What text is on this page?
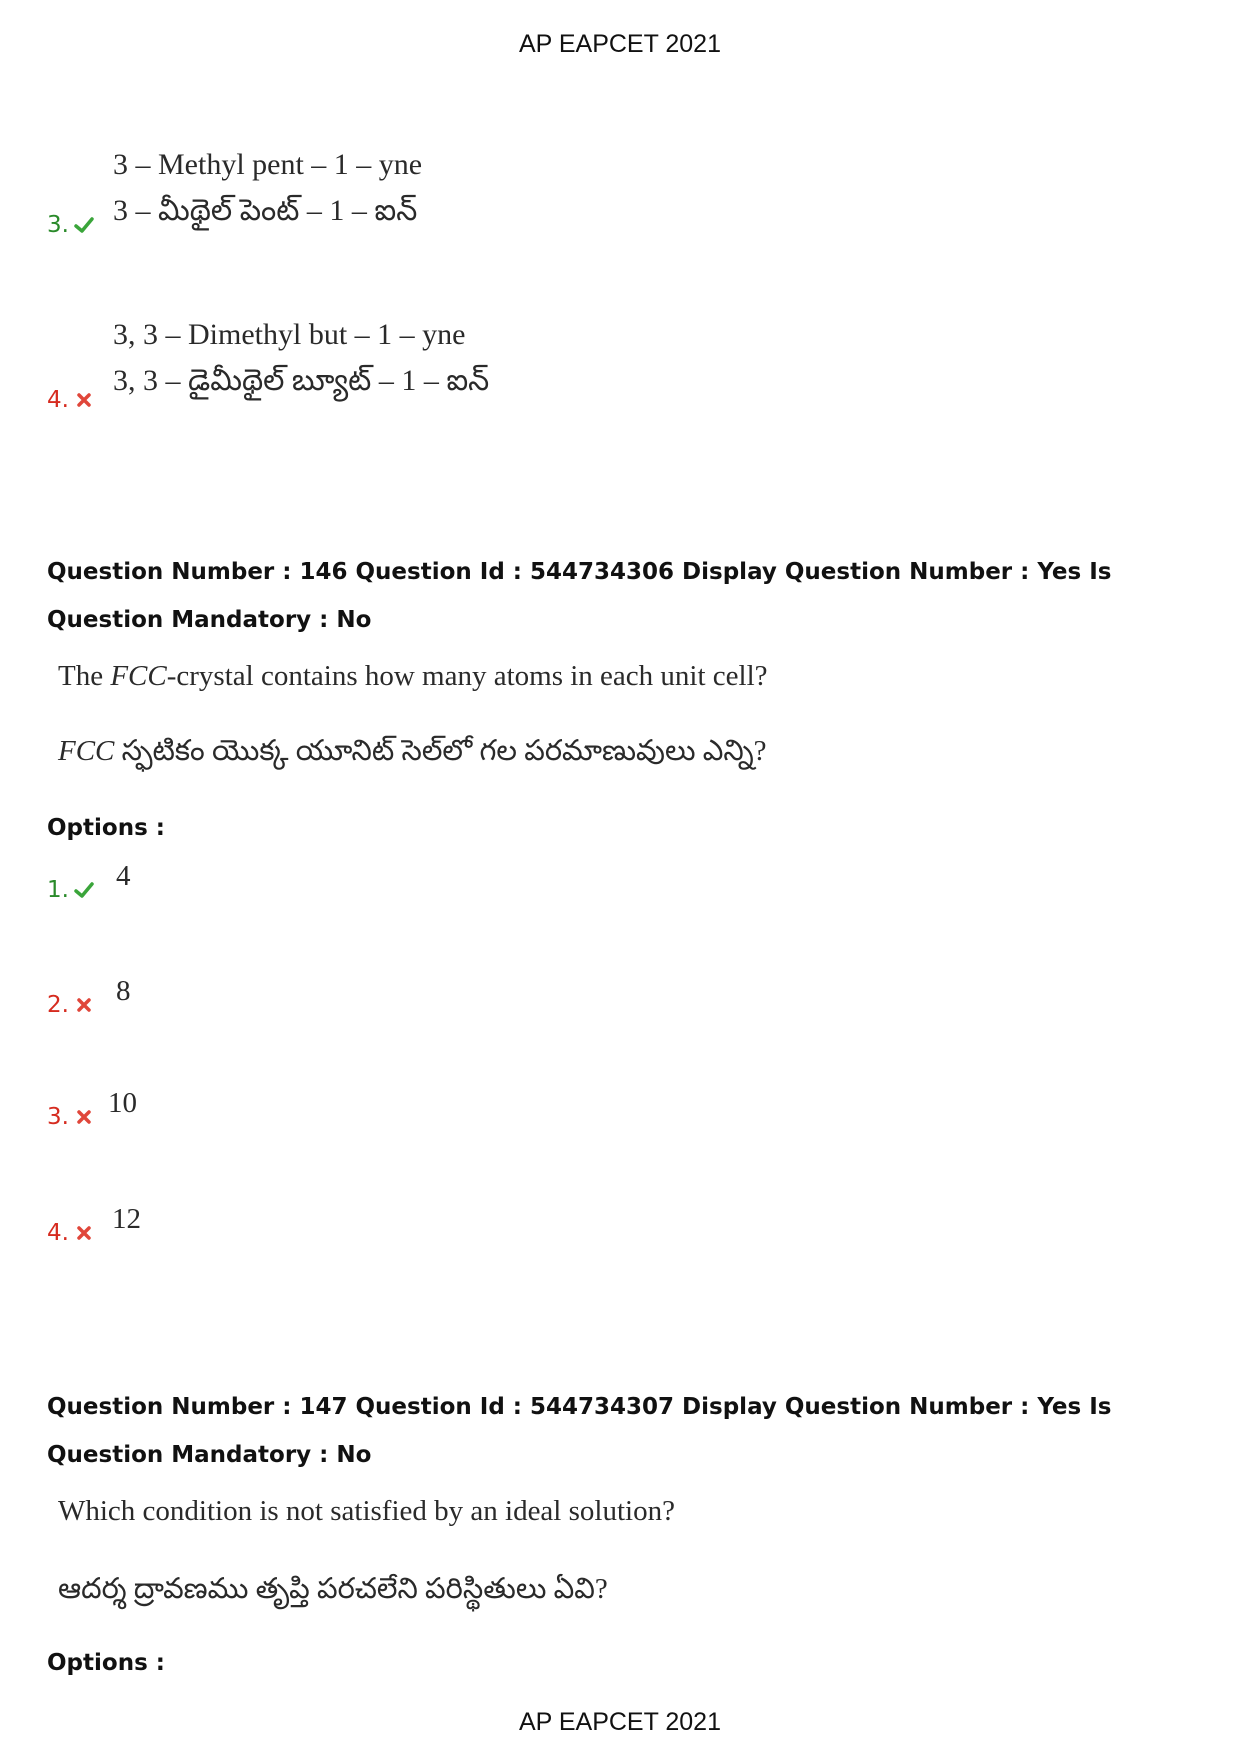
AP EAPCET 2021
3 – Methyl pent – 1 – yne
3 – మీథైల్ పెంట్ – 1 – ఐన్
3.
3, 3 – Dimethyl but – 1 – yne
3, 3 – డైమీథైల్ బ్యూట్ – 1 – ఐన్
4.
Question Number : 146 Question Id : 544734306 Display Question Number : Yes Is Question Mandatory : No
The FCC-crystal contains how many atoms in each unit cell?
FCC స్ఫటికం యొక్క యూనిట్ సెల్‌లో గల పరమాణువులు ఎన్ని?
Options :
1. 4
2. 8
3. 10
4. 12
Question Number : 147 Question Id : 544734307 Display Question Number : Yes Is Question Mandatory : No
Which condition is not satisfied by an ideal solution?
ఆదర్శ ద్రావణము తృప్తి పరచలేని పరిస్థితులు ఏవి?
Options :
AP EAPCET 2021
